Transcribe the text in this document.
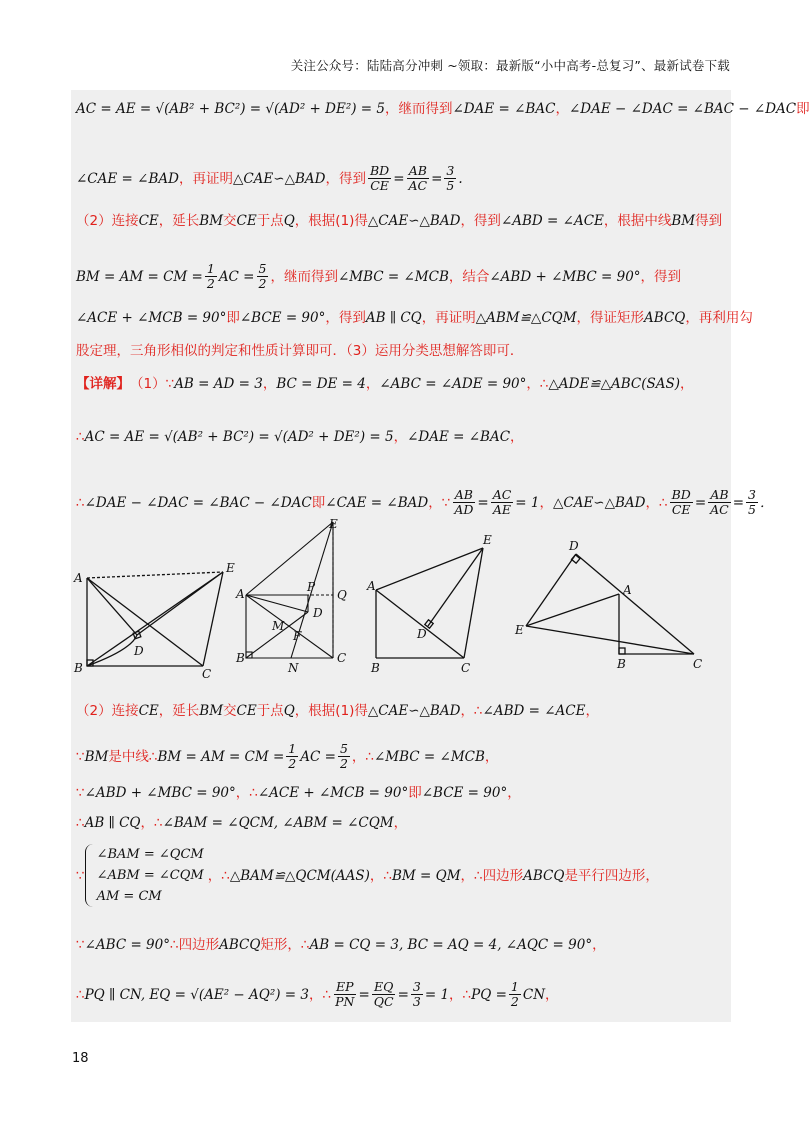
关注公众号：陆陆高分冲刺 ~领取：最新版“小中高考-总复习”、最新试卷下载
AC = AE = √(AB² + BC²) = √(AD² + DE²) = 5 ，继而得到 ∠DAE = ∠BAC ， ∠DAE − ∠DAC = ∠BAC − ∠DAC 即
∠CAE = ∠BAD ，再证明 △CAE∽△BAD ，得到 $\frac{BD}{CE} = \frac{AB}{AC} = \frac{3}{5}$ .
（2）连接 CE ，延长 BM 交 CE 于点 Q ，根据(1)得 △CAE∽△BAD ，得到 ∠ABD = ∠ACE ，根据中线 BM 得到
BM = AM = CM = $\frac{1}{2}$ AC = $\frac{5}{2}$ ，继而得到 ∠MBC = ∠MCB ，结合 ∠ABD + ∠MBC = 90° ，得到
∠ACE + ∠MCB = 90° 即 ∠BCE = 90° ，得到 AB ∥ CQ ，再证明 △ABM≌△CQM ，得证矩形 ABCQ ，再利用勾
股定理，三角形相似的判定和性质计算即可．（3）运用分类思想解答即可．
【详解】 （1）∵ AB = AD = 3 ， BC = DE = 4 ， ∠ABC = ∠ADE = 90° ，∴ △ADE≌△ABC(SAS) ，
∴ AC = AE = √(AB² + BC²) = √(AD² + DE²) = 5 ， ∠DAE = ∠BAC ，
∴ ∠DAE − ∠DAC = ∠BAC − ∠DAC 即 ∠CAE = ∠BAD ，∵ $\frac{AB}{AD} = \frac{AC}{AE} = 1$ ， △CAE∽△BAD ，∴ $\frac{BD}{CE} = \frac{AB}{AC} = \frac{3}{5}$ ．
A
B	C
D
E
A
B	C
D
E
P
Q
M
F
N
A
B	C
D
E	D
A
E
B	C
（2）连接 CE ，延长 BM 交 CE 于点 Q ，根据(1)得 △CAE∽△BAD ，∴ ∠ABD = ∠ACE ，
∵ BM 是中线∴ BM = AM = CM = $\frac{1}{2}$ AC = $\frac{5}{2}$ ，∴ ∠MBC = ∠MCB ，
∵ ∠ABD + ∠MBC = 90° ，∴ ∠ACE + ∠MCB = 90° 即 ∠BCE = 90° ，
∴ AB ∥ CQ ，∴ ∠BAM = ∠QCM, ∠ABM = ∠CQM ，
∵
∠BAM = ∠QCM
∠ABM = ∠CQM
AM = CM
，∴ △BAM≌△QCM(AAS) ，∴ BM = QM ，∴四边形 ABCQ 是平行四边形，
∵ ∠ABC = 90° ∴四边形 ABCQ 矩形，∴ AB = CQ = 3, BC = AQ = 4, ∠AQC = 90° ，
∴ PQ ∥ CN, EQ = √(AE² − AQ²) = 3 ，∴ $\frac{EP}{PN} = \frac{EQ}{QC} = \frac{3}{3} = 1$ ，∴ PQ = $\frac{1}{2}$ CN ，
18
